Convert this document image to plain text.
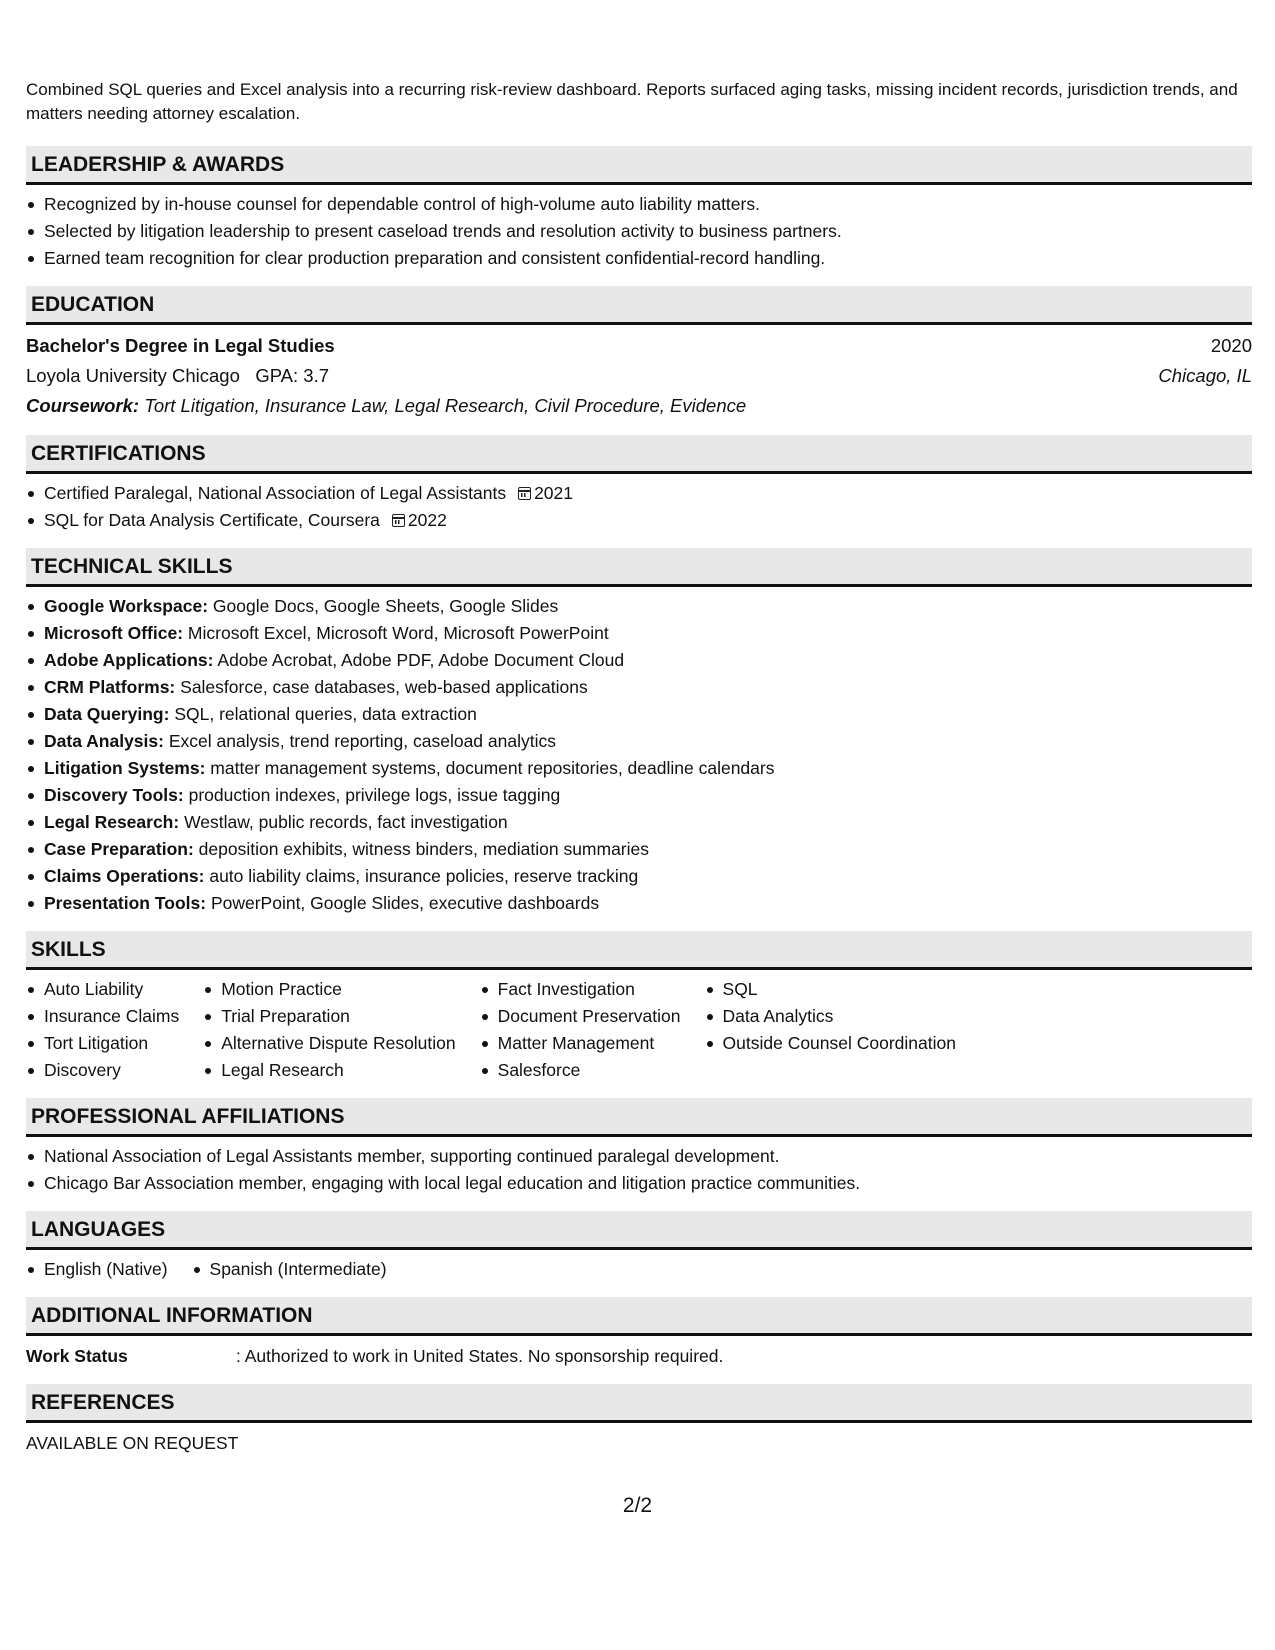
Combined SQL queries and Excel analysis into a recurring risk-review dashboard. Reports surfaced aging tasks, missing incident records, jurisdiction trends, and matters needing attorney escalation.

LEADERSHIP & AWARDS
Recognized by in-house counsel for dependable control of high-volume auto liability matters.
Selected by litigation leadership to present caseload trends and resolution activity to business partners.
Earned team recognition for clear production preparation and consistent confidential-record handling.
EDUCATION
Bachelor's Degree in Legal Studies	2020
Loyola University Chicago GPA: 3.7	Chicago, IL
Coursework: Tort Litigation, Insurance Law, Legal Research, Civil Procedure, Evidence
CERTIFICATIONS
Certified Paralegal, National Association of Legal Assistants 2021
SQL for Data Analysis Certificate, Coursera 2022
TECHNICAL SKILLS
Google Workspace: Google Docs, Google Sheets, Google Slides
Microsoft Office: Microsoft Excel, Microsoft Word, Microsoft PowerPoint
Adobe Applications: Adobe Acrobat, Adobe PDF, Adobe Document Cloud
CRM Platforms: Salesforce, case databases, web-based applications
Data Querying: SQL, relational queries, data extraction
Data Analysis: Excel analysis, trend reporting, caseload analytics
Litigation Systems: matter management systems, document repositories, deadline calendars
Discovery Tools: production indexes, privilege logs, issue tagging
Legal Research: Westlaw, public records, fact investigation
Case Preparation: deposition exhibits, witness binders, mediation summaries
Claims Operations: auto liability claims, insurance policies, reserve tracking
Presentation Tools: PowerPoint, Google Slides, executive dashboards
SKILLS
Auto Liability
Insurance Claims
Tort Litigation
Discovery
Motion Practice
Trial Preparation
Alternative Dispute Resolution
Legal Research
Fact Investigation
Document Preservation
Matter Management
Salesforce
SQL
Data Analytics
Outside Counsel Coordination
PROFESSIONAL AFFILIATIONS
National Association of Legal Assistants member, supporting continued paralegal development.
Chicago Bar Association member, engaging with local legal education and litigation practice communities.
LANGUAGES
English (Native) Spanish (Intermediate)
ADDITIONAL INFORMATION
Work Status	: Authorized to work in United States. No sponsorship required.
REFERENCES
AVAILABLE ON REQUEST
2/2
